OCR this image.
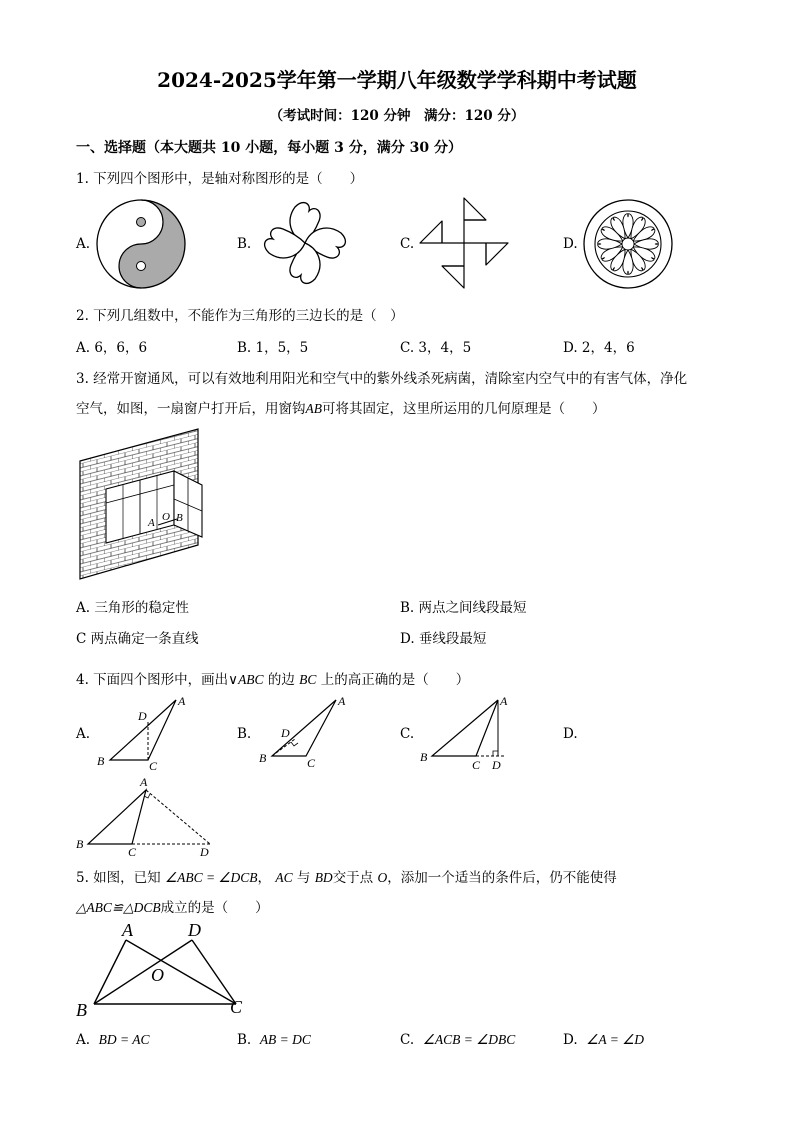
2024-2025学年第一学期八年级数学学科期中考试题
（考试时间：120 分钟　满分：120 分）
一、选择题（本大题共 10 小题，每小题 3 分，满分 30 分）
1. 下列四个图形中，是轴对称图形的是（　　）
A.	B.	C.	D.
2. 下列几组数中，不能作为三角形的三边长的是（　）
A. 6，6，6	B. 1，5，5	C. 3，4，5	D. 2，4，6
3. 经常开窗通风，可以有效地利用阳光和空气中的紫外线杀死病菌，清除室内空气中的有害气体，净化
空气，如图，一扇窗户打开后，用窗钩AB可将其固定，这里所运用的几何原理是（　　）
A O B
A. 三角形的稳定性	B. 两点之间线段最短
C 两点确定一条直线	D. 垂线段最短
4. 下面四个图形中，画出∨ABC 的边 BC 上的高正确的是（　　）
A.	B.	C.	D.
A
B	C
D
A
B	C
D
A
B
C D
A
B
C	D
5. 如图，已知 ∠ABC = ∠DCB， AC 与 BD交于点 O，添加一个适当的条件后，仍不能使得
△ABC≌△DCB成立的是（　　）
A	D
O
B	C
A. BD = AC	B. AB = DC	C. ∠ACB = ∠DBC	D. ∠A = ∠D
